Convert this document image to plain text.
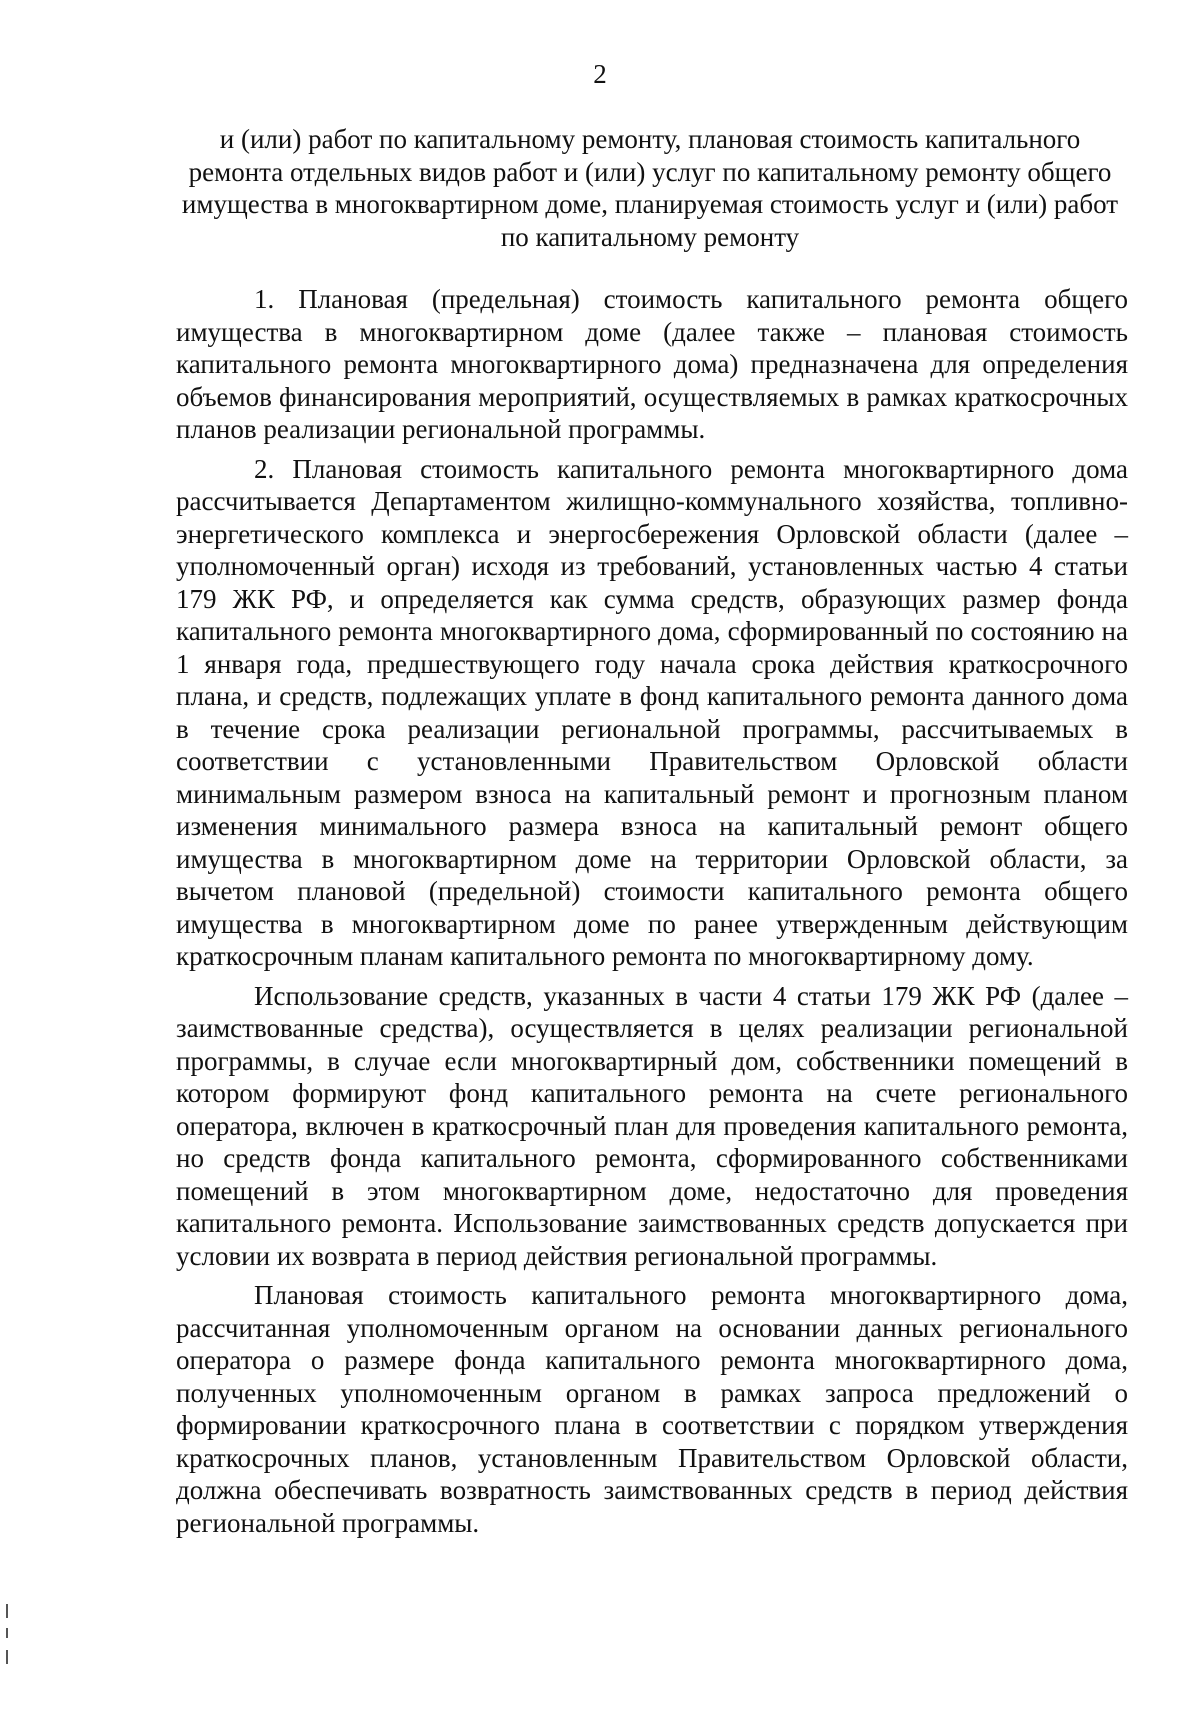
2
и (или) работ по капитальному ремонту, плановая стоимость капитального ремонта отдельных видов работ и (или) услуг по капитальному ремонту общего имущества в многоквартирном доме, планируемая стоимость услуг и (или) работ по капитальному ремонту

1. Плановая (предельная) стоимость капитального ремонта общего имущества в многоквартирном доме (далее также – плановая стоимость капитального ремонта многоквартирного дома) предназначена для определения объемов финансирования мероприятий, осуществляемых в рамках краткосрочных планов реализации региональной программы.

2. Плановая стоимость капитального ремонта многоквартирного дома рассчитывается Департаментом жилищно-коммунального хозяйства, топливно-энергетического комплекса и энергосбережения Орловской области (далее – уполномоченный орган) исходя из требований, установленных частью 4 статьи 179 ЖК РФ, и определяется как сумма средств, образующих размер фонда капитального ремонта многоквартирного дома, сформированный по состоянию на 1 января года, предшествующего году начала срока действия краткосрочного плана, и средств, подлежащих уплате в фонд капитального ремонта данного дома в течение срока реализации региональной программы, рассчитываемых в соответствии с установленными Правительством Орловской области минимальным размером взноса на капитальный ремонт и прогнозным планом изменения минимального размера взноса на капитальный ремонт общего имущества в многоквартирном доме на территории Орловской области, за вычетом плановой (предельной) стоимости капитального ремонта общего имущества в многоквартирном доме по ранее утвержденным действующим краткосрочным планам капитального ремонта по многоквартирному дому.

Использование средств, указанных в части 4 статьи 179 ЖК РФ (далее – заимствованные средства), осуществляется в целях реализации региональной программы, в случае если многоквартирный дом, собственники помещений в котором формируют фонд капитального ремонта на счете регионального оператора, включен в краткосрочный план для проведения капитального ремонта, но средств фонда капитального ремонта, сформированного собственниками помещений в этом многоквартирном доме, недостаточно для проведения капитального ремонта. Использование заимствованных средств допускается при условии их возврата в период действия региональной программы.

Плановая стоимость капитального ремонта многоквартирного дома, рассчитанная уполномоченным органом на основании данных регионального оператора о размере фонда капитального ремонта многоквартирного дома, полученных уполномоченным органом в рамках запроса предложений о формировании краткосрочного плана в соответствии с порядком утверждения краткосрочных планов, установленным Правительством Орловской области, должна обеспечивать возвратность заимствованных средств в период действия региональной программы.
